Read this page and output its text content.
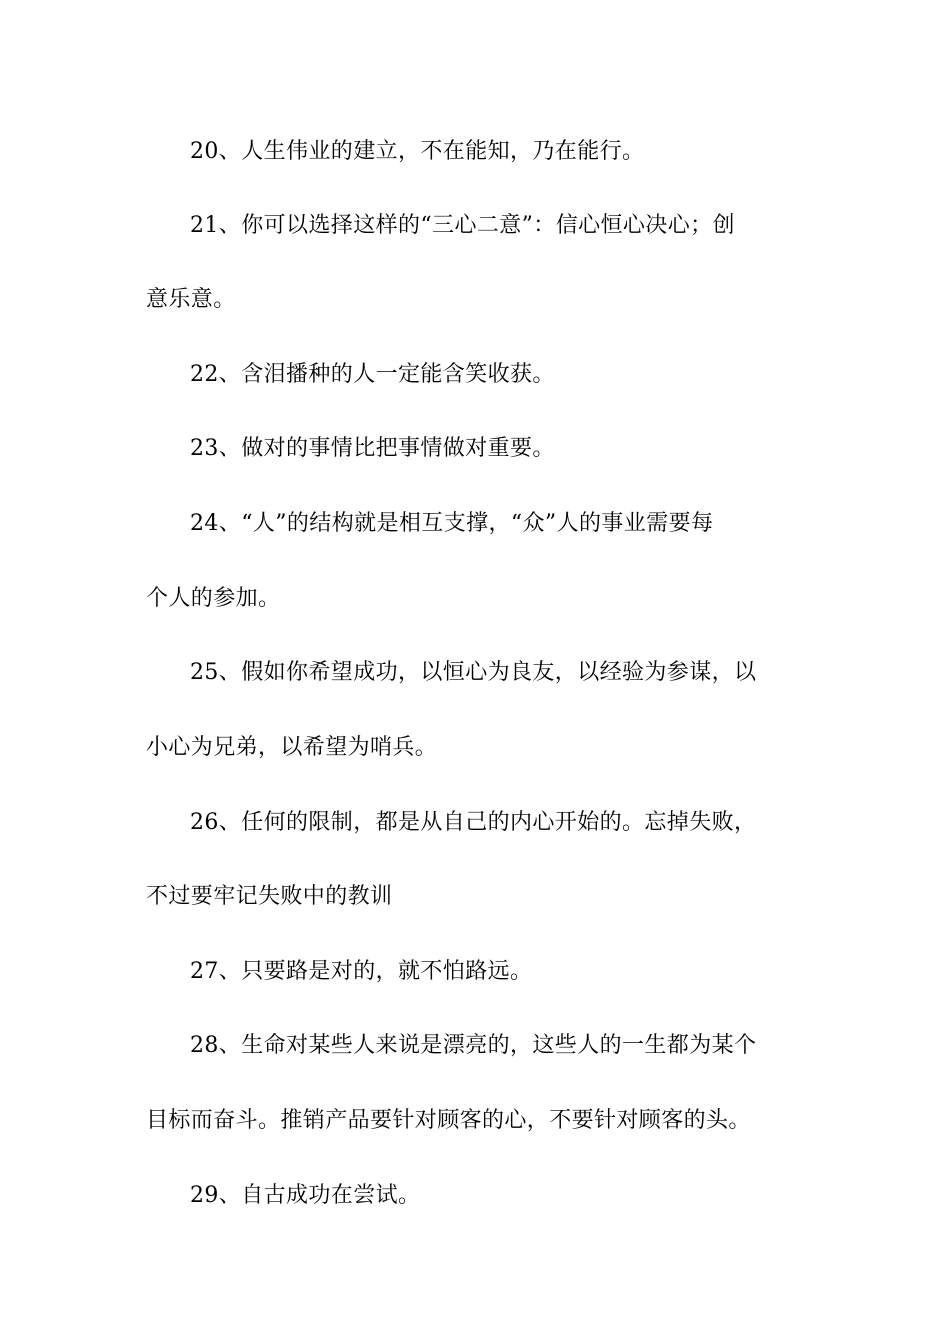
20、人生伟业的建立，不在能知，乃在能行。
21、你可以选择这样的“三心二意”：信心恒心决心；创
意乐意。
22、含泪播种的人一定能含笑收获。
23、做对的事情比把事情做对重要。
24、“人”的结构就是相互支撑，“众”人的事业需要每
个人的参加。
25、假如你希望成功，以恒心为良友，以经验为参谋，以
小心为兄弟，以希望为哨兵。
26、任何的限制，都是从自己的内心开始的。忘掉失败，
不过要牢记失败中的教训
27、只要路是对的，就不怕路远。
28、生命对某些人来说是漂亮的，这些人的一生都为某个
目标而奋斗。推销产品要针对顾客的心，不要针对顾客的头。
29、自古成功在尝试。
